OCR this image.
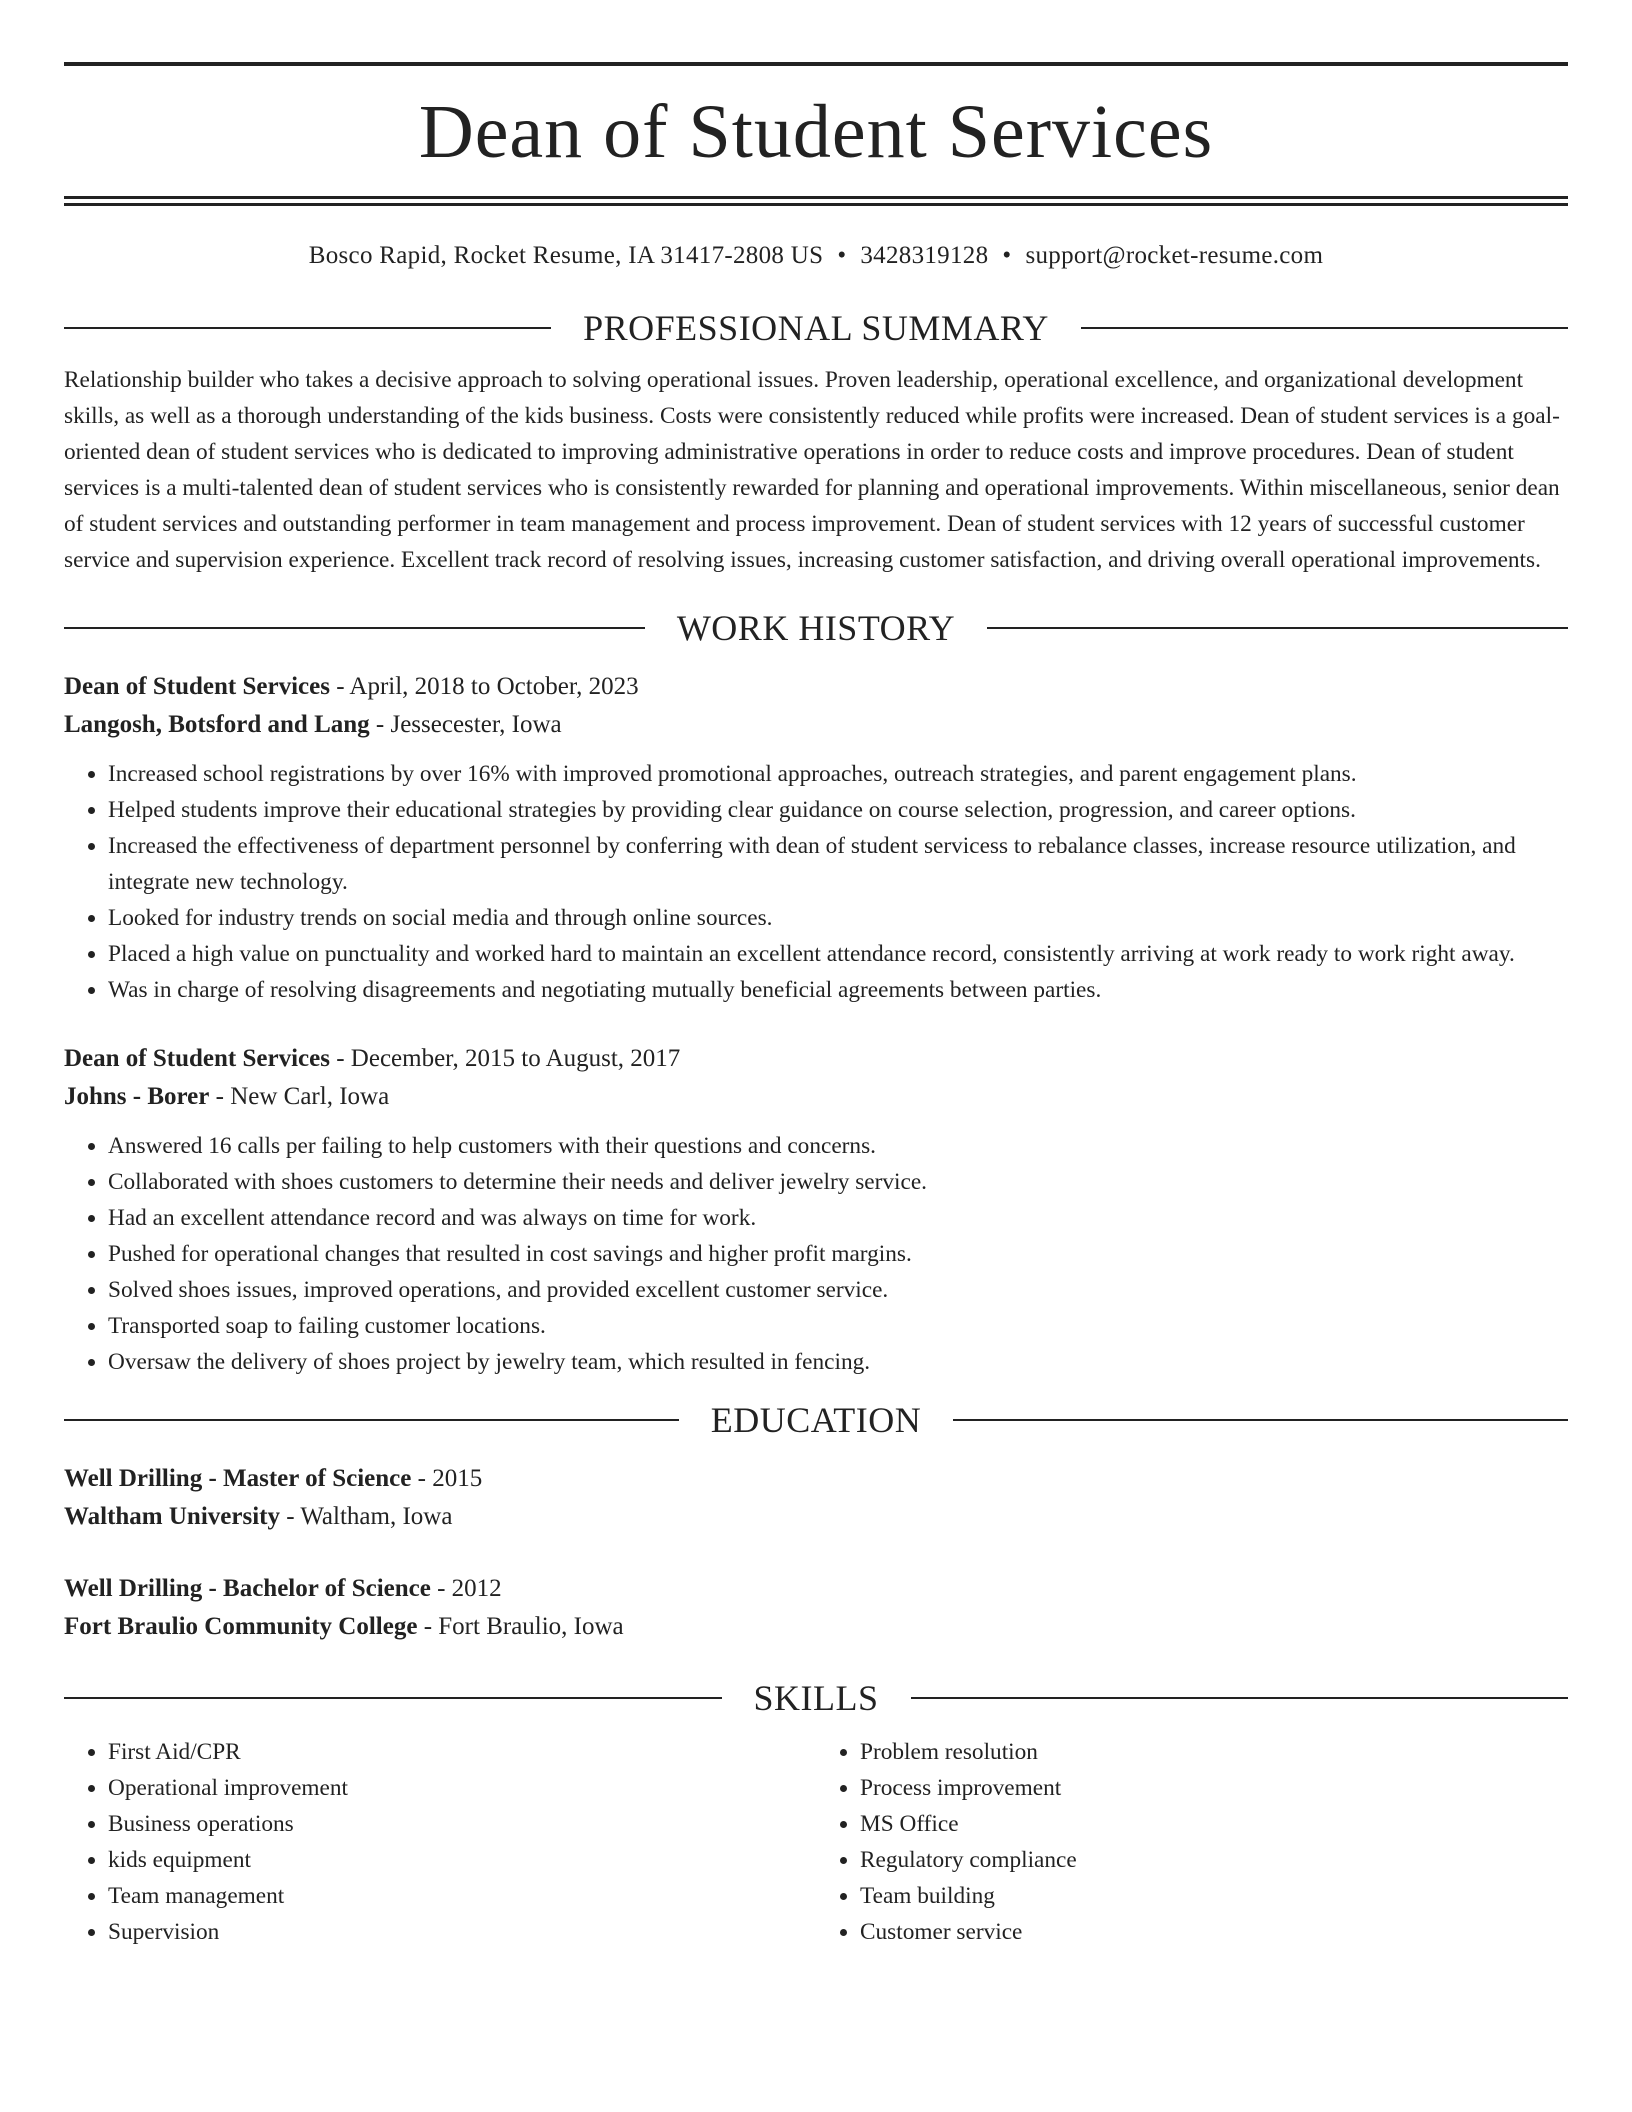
Dean of Student Services
Bosco Rapid, Rocket Resume, IA 31417-2808 US • 3428319128 • support@rocket-resume.com
PROFESSIONAL SUMMARY
Relationship builder who takes a decisive approach to solving operational issues. Proven leadership, operational excellence, and organizational development skills, as well as a thorough understanding of the kids business. Costs were consistently reduced while profits were increased. Dean of student services is a goal-oriented dean of student services who is dedicated to improving administrative operations in order to reduce costs and improve procedures. Dean of student services is a multi-talented dean of student services who is consistently rewarded for planning and operational improvements. Within miscellaneous, senior dean of student services and outstanding performer in team management and process improvement. Dean of student services with 12 years of successful customer service and supervision experience. Excellent track record of resolving issues, increasing customer satisfaction, and driving overall operational improvements.
WORK HISTORY
Dean of Student Services - April, 2018 to October, 2023
Langosh, Botsford and Lang - Jessecester, Iowa
• Increased school registrations by over 16% with improved promotional approaches, outreach strategies, and parent engagement plans.
• Helped students improve their educational strategies by providing clear guidance on course selection, progression, and career options.
• Increased the effectiveness of department personnel by conferring with dean of student servicess to rebalance classes, increase resource utilization, and integrate new technology.
• Looked for industry trends on social media and through online sources.
• Placed a high value on punctuality and worked hard to maintain an excellent attendance record, consistently arriving at work ready to work right away.
• Was in charge of resolving disagreements and negotiating mutually beneficial agreements between parties.
Dean of Student Services - December, 2015 to August, 2017
Johns - Borer - New Carl, Iowa
• Answered 16 calls per failing to help customers with their questions and concerns.
• Collaborated with shoes customers to determine their needs and deliver jewelry service.
• Had an excellent attendance record and was always on time for work.
• Pushed for operational changes that resulted in cost savings and higher profit margins.
• Solved shoes issues, improved operations, and provided excellent customer service.
• Transported soap to failing customer locations.
• Oversaw the delivery of shoes project by jewelry team, which resulted in fencing.
EDUCATION
Well Drilling - Master of Science - 2015
Waltham University - Waltham, Iowa
Well Drilling - Bachelor of Science - 2012
Fort Braulio Community College - Fort Braulio, Iowa
SKILLS
• First Aid/CPR
• Operational improvement
• Business operations
• kids equipment
• Team management
• Supervision
• Problem resolution
• Process improvement
• MS Office
• Regulatory compliance
• Team building
• Customer service
